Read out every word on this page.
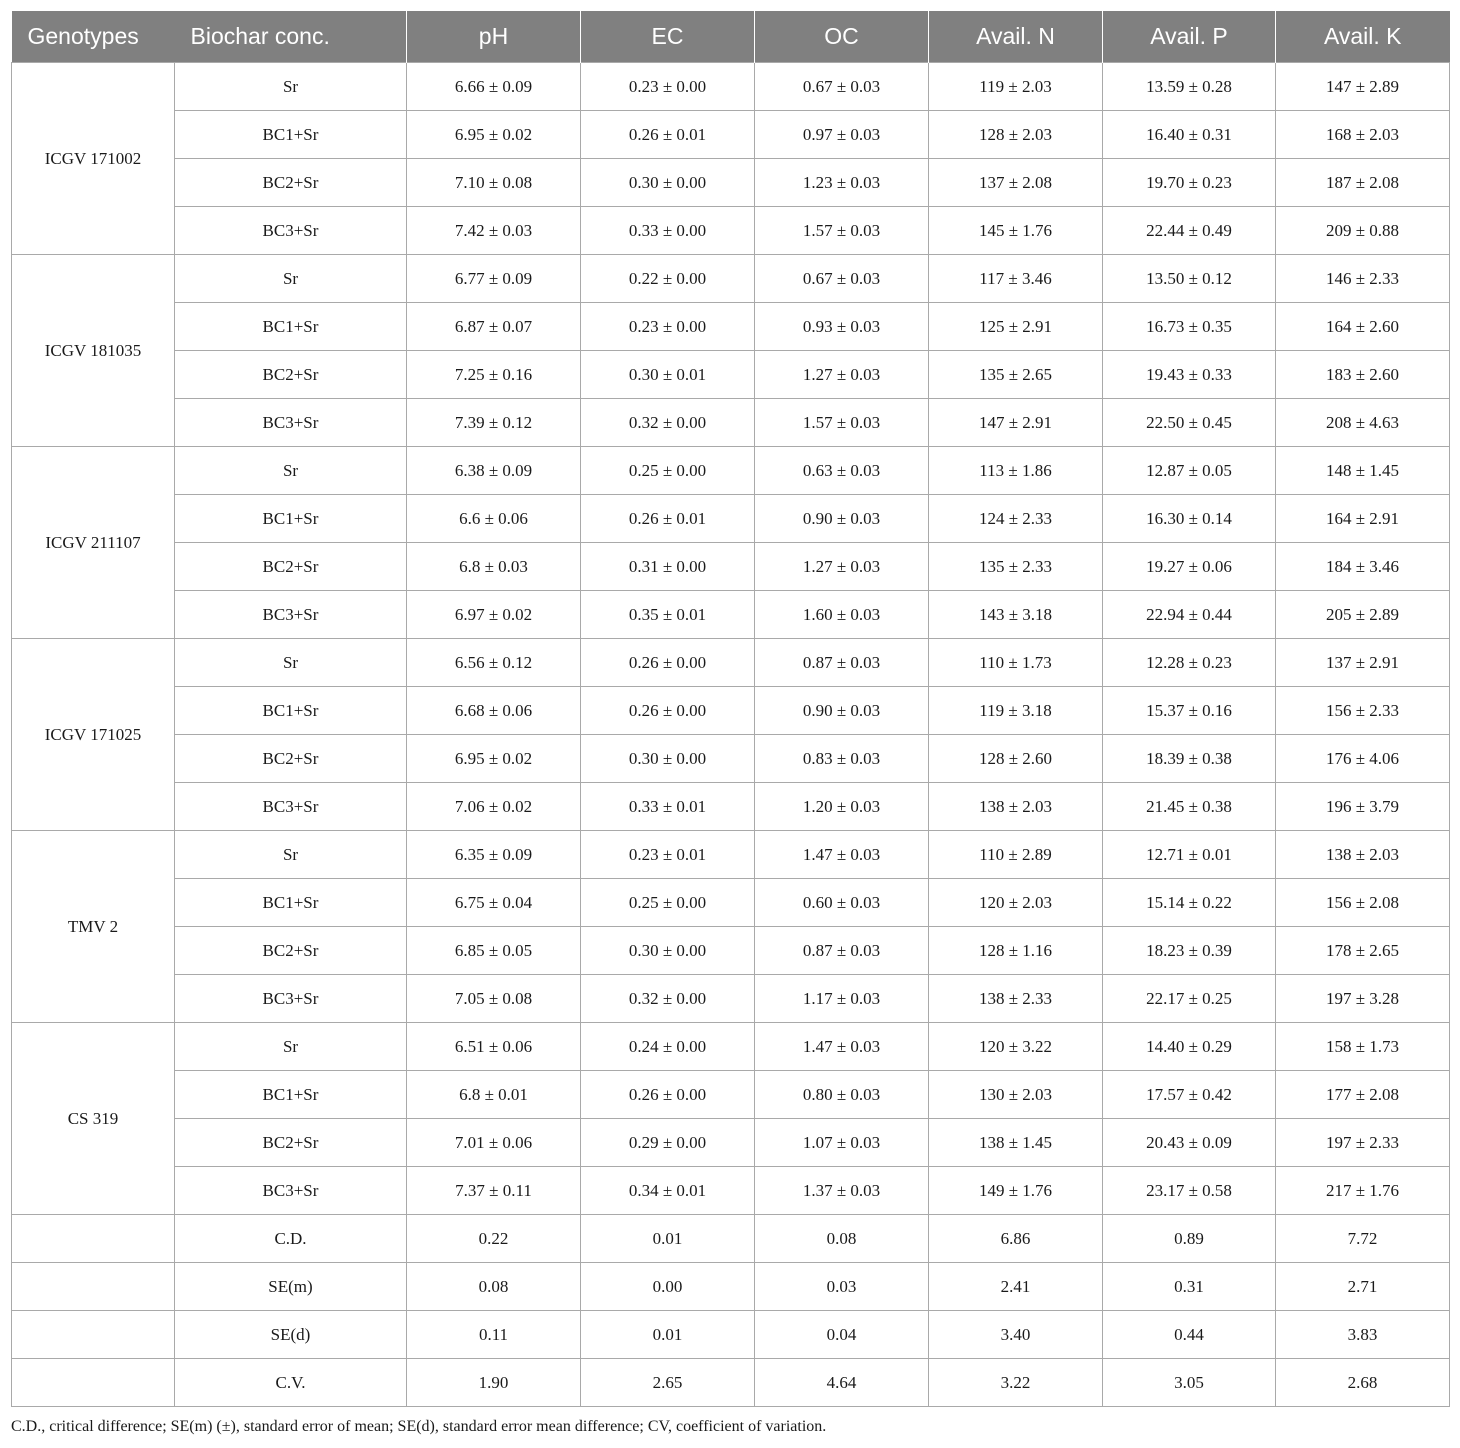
Genotypes	Biochar conc.	pH	EC	OC	Avail. N	Avail. P	Avail. K
ICGV 171002	Sr	6.66 ± 0.09	0.23 ± 0.00	0.67 ± 0.03	119 ± 2.03	13.59 ± 0.28	147 ± 2.89
	BC1+Sr	6.95 ± 0.02	0.26 ± 0.01	0.97 ± 0.03	128 ± 2.03	16.40 ± 0.31	168 ± 2.03
	BC2+Sr	7.10 ± 0.08	0.30 ± 0.00	1.23 ± 0.03	137 ± 2.08	19.70 ± 0.23	187 ± 2.08
	BC3+Sr	7.42 ± 0.03	0.33 ± 0.00	1.57 ± 0.03	145 ± 1.76	22.44 ± 0.49	209 ± 0.88
ICGV 181035	Sr	6.77 ± 0.09	0.22 ± 0.00	0.67 ± 0.03	117 ± 3.46	13.50 ± 0.12	146 ± 2.33
	BC1+Sr	6.87 ± 0.07	0.23 ± 0.00	0.93 ± 0.03	125 ± 2.91	16.73 ± 0.35	164 ± 2.60
	BC2+Sr	7.25 ± 0.16	0.30 ± 0.01	1.27 ± 0.03	135 ± 2.65	19.43 ± 0.33	183 ± 2.60
	BC3+Sr	7.39 ± 0.12	0.32 ± 0.00	1.57 ± 0.03	147 ± 2.91	22.50 ± 0.45	208 ± 4.63
ICGV 211107	Sr	6.38 ± 0.09	0.25 ± 0.00	0.63 ± 0.03	113 ± 1.86	12.87 ± 0.05	148 ± 1.45
	BC1+Sr	6.6 ± 0.06	0.26 ± 0.01	0.90 ± 0.03	124 ± 2.33	16.30 ± 0.14	164 ± 2.91
	BC2+Sr	6.8 ± 0.03	0.31 ± 0.00	1.27 ± 0.03	135 ± 2.33	19.27 ± 0.06	184 ± 3.46
	BC3+Sr	6.97 ± 0.02	0.35 ± 0.01	1.60 ± 0.03	143 ± 3.18	22.94 ± 0.44	205 ± 2.89
ICGV 171025	Sr	6.56 ± 0.12	0.26 ± 0.00	0.87 ± 0.03	110 ± 1.73	12.28 ± 0.23	137 ± 2.91
	BC1+Sr	6.68 ± 0.06	0.26 ± 0.00	0.90 ± 0.03	119 ± 3.18	15.37 ± 0.16	156 ± 2.33
	BC2+Sr	6.95 ± 0.02	0.30 ± 0.00	0.83 ± 0.03	128 ± 2.60	18.39 ± 0.38	176 ± 4.06
	BC3+Sr	7.06 ± 0.02	0.33 ± 0.01	1.20 ± 0.03	138 ± 2.03	21.45 ± 0.38	196 ± 3.79
TMV 2	Sr	6.35 ± 0.09	0.23 ± 0.01	1.47 ± 0.03	110 ± 2.89	12.71 ± 0.01	138 ± 2.03
	BC1+Sr	6.75 ± 0.04	0.25 ± 0.00	0.60 ± 0.03	120 ± 2.03	15.14 ± 0.22	156 ± 2.08
	BC2+Sr	6.85 ± 0.05	0.30 ± 0.00	0.87 ± 0.03	128 ± 1.16	18.23 ± 0.39	178 ± 2.65
	BC3+Sr	7.05 ± 0.08	0.32 ± 0.00	1.17 ± 0.03	138 ± 2.33	22.17 ± 0.25	197 ± 3.28
CS 319	Sr	6.51 ± 0.06	0.24 ± 0.00	1.47 ± 0.03	120 ± 3.22	14.40 ± 0.29	158 ± 1.73
	BC1+Sr	6.8 ± 0.01	0.26 ± 0.00	0.80 ± 0.03	130 ± 2.03	17.57 ± 0.42	177 ± 2.08
	BC2+Sr	7.01 ± 0.06	0.29 ± 0.00	1.07 ± 0.03	138 ± 1.45	20.43 ± 0.09	197 ± 2.33
	BC3+Sr	7.37 ± 0.11	0.34 ± 0.01	1.37 ± 0.03	149 ± 1.76	23.17 ± 0.58	217 ± 1.76
	C.D.	0.22	0.01	0.08	6.86	0.89	7.72
	SE(m)	0.08	0.00	0.03	2.41	0.31	2.71
	SE(d)	0.11	0.01	0.04	3.40	0.44	3.83
	C.V.	1.90	2.65	4.64	3.22	3.05	2.68
C.D., critical difference; SE(m) (±), standard error of mean; SE(d), standard error mean difference; CV, coefficient of variation.
